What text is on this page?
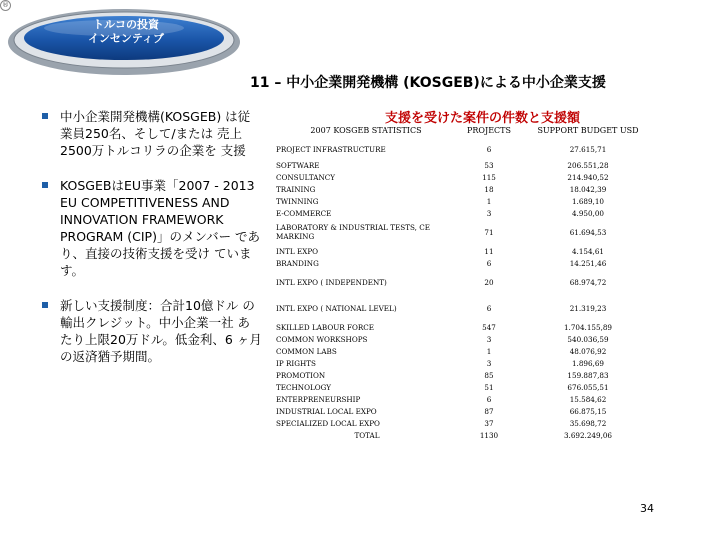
®
トルコの投資
インセンティブ
11 – 中小企業開発機構 (KOSGEB)による中小企業支援
中小企業開発機構(KOSGEB) は従業員250名、そして/または 売上2500万トルコリラの企業を 支援
KOSGEBはEU事業「2007 - 2013 EU COMPETITIVENESS AND INNOVATION FRAMEWORK PROGRAM (CIP)」のメンバー であり、直接の技術支援を受け ています。
新しい支援制度：合計10億ドル の輸出クレジット。中小企業一社 あたり上限20万ドル。低金利、6 ヶ月の返済猶予期間。
支援を受けた案件の件数と支援額
2007 KOSGEB STATISTICS	PROJECTS	SUPPORT BUDGET USD
PROJECT INFRASTRUCTURE	6	27.615,71
SOFTWARE	53	206.551,28
CONSULTANCY	115	214.940,52
TRAINING	18	18.042,39
TWINNING	1	1.689,10
E-COMMERCE	3	4.950,00
LABORATORY & INDUSTRIAL TESTS, CE MARKING	71	61.694,53
INTL EXPO	11	4.154,61
BRANDING	6	14.251,46
INTL EXPO ( INDEPENDENT)	20	68.974,72
INTL EXPO ( NATIONAL LEVEL)	6	21.319,23
SKILLED LABOUR FORCE	547	1.704.155,89
COMMON WORKSHOPS	3	540.036,59
COMMON LABS	1	48.076,92
IP RIGHTS	3	1.896,69
PROMOTION	85	159.887,83
TECHNOLOGY	51	676.055,51
ENTERPRENEURSHIP	6	15.584,62
INDUSTRIAL LOCAL EXPO	87	66.875,15
SPECIALIZED LOCAL EXPO	37	35.698,72
TOTAL	1130	3.692.249,06
34
